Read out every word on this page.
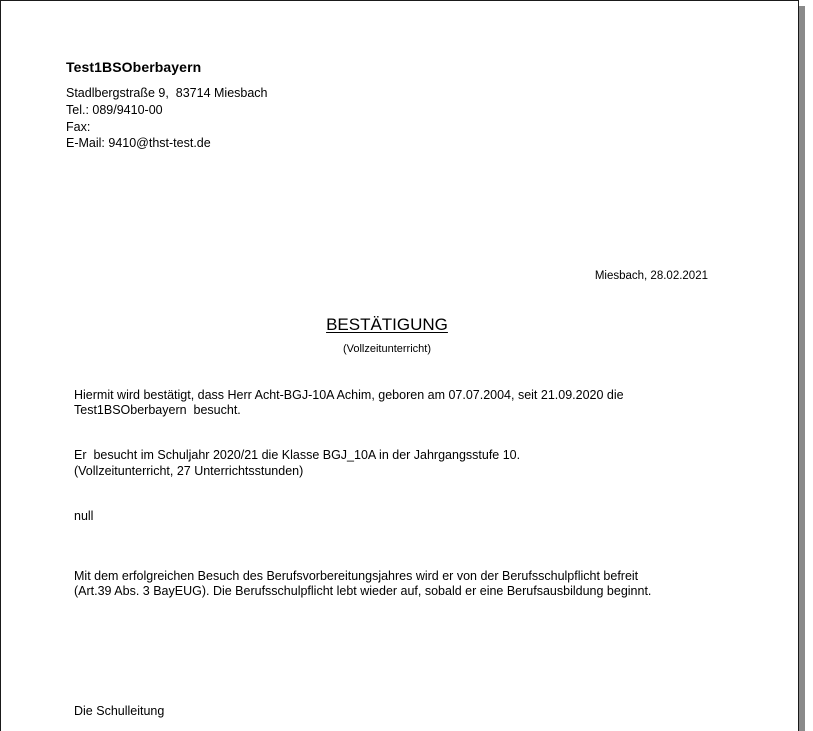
Test1BSOberbayern
Stadlbergstraße 9,  83714 Miesbach
Tel.: 089/9410-00
Fax:
E-Mail: 9410@thst-test.de
Miesbach, 28.02.2021
BESTÄTIGUNG
(Vollzeitunterricht)
Hiermit wird bestätigt, dass Herr Acht-BGJ-10A Achim, geboren am 07.07.2004, seit 21.09.2020 die
Test1BSOberbayern  besucht.
Er  besucht im Schuljahr 2020/21 die Klasse BGJ_10A in der Jahrgangsstufe 10.
(Vollzeitunterricht, 27 Unterrichtsstunden)
null
Mit dem erfolgreichen Besuch des Berufsvorbereitungsjahres wird er von der Berufsschulpflicht befreit
(Art.39 Abs. 3 BayEUG). Die Berufsschulpflicht lebt wieder auf, sobald er eine Berufsausbildung beginnt.
Die Schulleitung
